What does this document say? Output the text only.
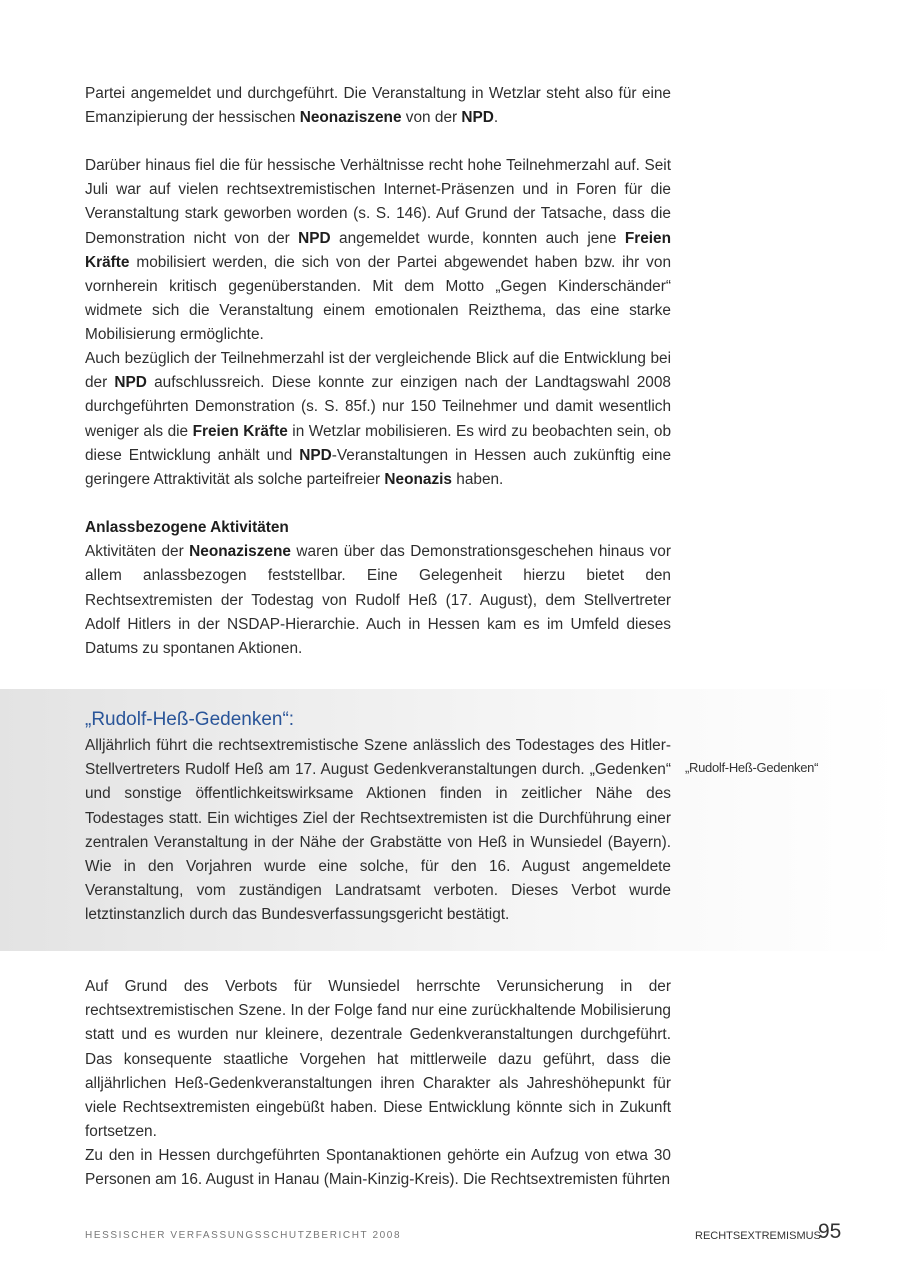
Partei angemeldet und durchgeführt. Die Veranstaltung in Wetzlar steht also für eine Emanzipierung der hessischen Neonaziszene von der NPD.

Darüber hinaus fiel die für hessische Verhältnisse recht hohe Teilnehmerzahl auf. Seit Juli war auf vielen rechtsextremistischen Internet-Präsenzen und in Foren für die Veranstaltung stark geworben worden (s. S. 146). Auf Grund der Tatsache, dass die Demonstration nicht von der NPD angemeldet wurde, konnten auch jene Freien Kräfte mobilisiert werden, die sich von der Partei abgewendet haben bzw. ihr von vornherein kritisch gegenüberstanden. Mit dem Motto „Gegen Kinderschänder“ widmete sich die Veranstaltung einem emotionalen Reizthema, das eine starke Mobilisierung ermöglichte.

Auch bezüglich der Teilnehmerzahl ist der vergleichende Blick auf die Entwicklung bei der NPD aufschlussreich. Diese konnte zur einzigen nach der Landtagswahl 2008 durchgeführten Demonstration (s. S. 85f.) nur 150 Teilnehmer und damit wesentlich weniger als die Freien Kräfte in Wetzlar mobilisieren. Es wird zu beobachten sein, ob diese Entwicklung anhält und NPD-Veranstaltungen in Hessen auch zukünftig eine geringere Attraktivität als solche parteifreier Neonazis haben.

Anlassbezogene Aktivitäten

Aktivitäten der Neonaziszene waren über das Demonstrationsgeschehen hinaus vor allem anlassbezogen feststellbar. Eine Gelegenheit hierzu bietet den Rechtsextremisten der Todestag von Rudolf Heß (17. August), dem Stellvertreter Adolf Hitlers in der NSDAP-Hierarchie. Auch in Hessen kam es im Umfeld dieses Datums zu spontanen Aktionen.

„Rudolf-Heß-Gedenken“:

Alljährlich führt die rechtsextremistische Szene anlässlich des Todestages des Hitler-Stellvertreters Rudolf Heß am 17. August Gedenkveranstaltungen durch. „Gedenken“ und sonstige öffentlichkeitswirksame Aktionen finden in zeitlicher Nähe des Todestages statt. Ein wichtiges Ziel der Rechtsextremisten ist die Durchführung einer zentralen Veranstaltung in der Nähe der Grabstätte von Heß in Wunsiedel (Bayern). Wie in den Vorjahren wurde eine solche, für den 16. August angemeldete Veranstaltung, vom zuständigen Landratsamt verboten. Dieses Verbot wurde letztinstanzlich durch das Bundesverfassungsgericht bestätigt.

„Rudolf-Heß-Gedenken“

Auf Grund des Verbots für Wunsiedel herrschte Verunsicherung in der rechtsextremistischen Szene. In der Folge fand nur eine zurückhaltende Mobilisierung statt und es wurden nur kleinere, dezentrale Gedenkveranstaltungen durchgeführt. Das konsequente staatliche Vorgehen hat mittlerweile dazu geführt, dass die alljährlichen Heß-Gedenkveranstaltungen ihren Charakter als Jahreshöhepunkt für viele Rechtsextremisten eingebüßt haben. Diese Entwicklung könnte sich in Zukunft fortsetzen.

Zu den in Hessen durchgeführten Spontanaktionen gehörte ein Aufzug von etwa 30 Personen am 16. August in Hanau (Main-Kinzig-Kreis). Die Rechtsextremisten führten

HESSISCHER VERFASSUNGSSCHUTZBERICHT 2008	RECHTSEXTREMISMUS
95
